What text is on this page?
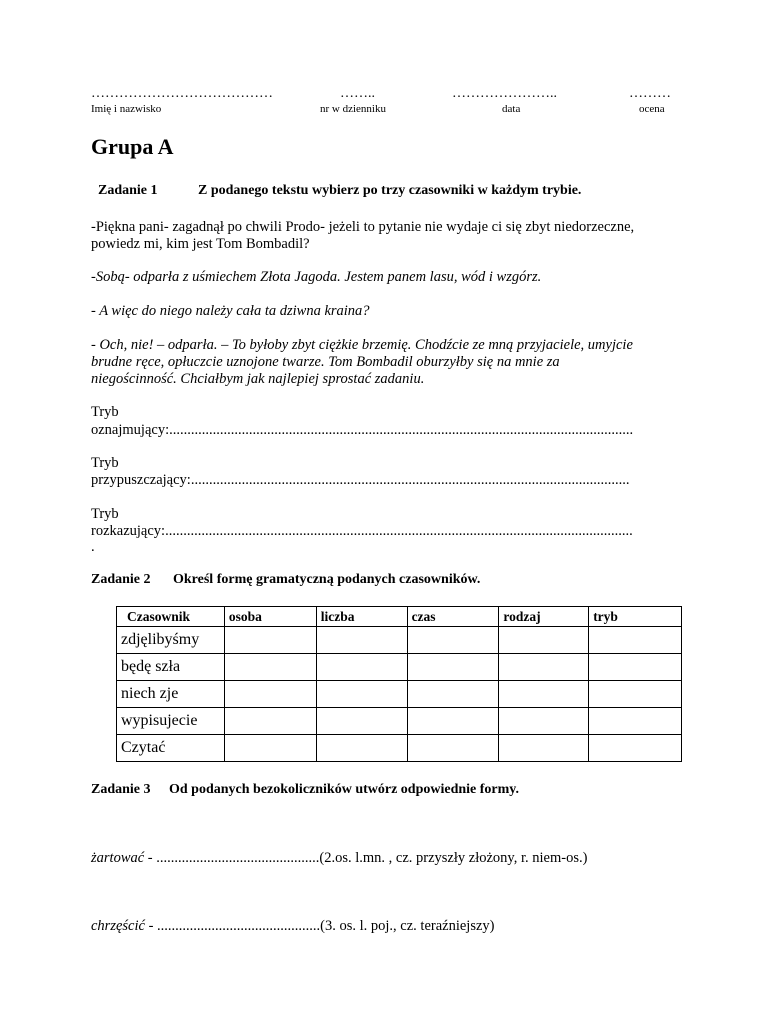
…………………………………	……..	…………………..	………
Imię i nazwisko	nr w dzienniku	data	ocena
Grupa A
Zadanie 1	Z podanego tekstu wybierz po trzy czasowniki w każdym trybie.
-Piękna pani- zagadnął po chwili Prodo- jeżeli to pytanie nie wydaje ci się zbyt niedorzeczne,
powiedz mi, kim jest Tom Bombadil?
-Sobą- odparła z uśmiechem Złota Jagoda. Jestem panem lasu, wód i wzgórz.
- A więc do niego należy cała ta dziwna kraina?
- Och, nie! – odparła. – To byłoby zbyt ciężkie brzemię. Chodźcie ze mną przyjaciele, umyjcie
brudne ręce, opłuczcie uznojone twarze. Tom Bombadil oburzyłby się na mnie za
niegościnność. Chciałbym jak najlepiej sprostać zadaniu.
Tryb
oznajmujący:................................................................................................................................
Tryb
przypuszczający:.........................................................................................................................
Tryb
rozkazujący:.................................................................................................................................
.
Zadanie 2 Określ formę gramatyczną podanych czasowników.
Czasownik	osoba	liczba	czas	rodzaj	tryb
zdjęlibyśmy					
będę szła					
niech zje					
wypisujecie					
Czytać					
Zadanie 3 Od podanych bezokoliczników utwórz odpowiednie formy.
żartować - .............................................(2.os. l.mn. , cz. przyszły złożony, r. niem-os.)
chrzęścić - .............................................(3. os. l. poj., cz. teraźniejszy)
